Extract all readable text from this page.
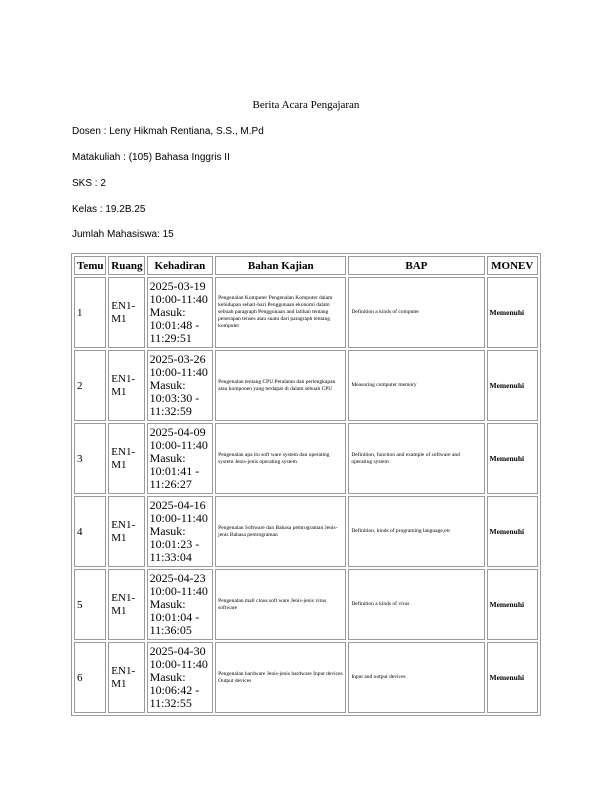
Berita Acara Pengajaran
Dosen : Leny Hikmah Rentiana, S.S., M.Pd
Matakuliah : (105) Bahasa Inggris II
SKS : 2
Kelas : 19.2B.25
Jumlah Mahasiswa: 15
Temu	Ruang	Kehadiran	Bahan Kajian	BAP	MONEV
1	EN1-M1	2025-03-19
10:00-11:40
Masuk:
10:01:48 -
11:29:51	Pengenalan Komputer Pengenalan Komputer dalam kehidupan sehari-hari Penggunaan ekonomi dalam sebuah paragraph Penggunaan and latihan tentang penerapan tenses atau suatu dari paragraph tentang komputer	Definition a kinds of computer	Memenuhi
2	EN1-M1	2025-03-26
10:00-11:40
Masuk:
10:03:30 -
11:32:59	Pengenalan tentang CPU Peralatan dan perlengkapan atau komponen yang terdapat di dalam sebuah CPU	Measuring computer memory	Memenuhi
3	EN1-M1	2025-04-09
10:00-11:40
Masuk:
10:01:41 -
11:26:27	Pengenalan apa itu soft ware system dan operating system Jenis-jenis operating system	Definition, function and example of software and operating system	Memenuhi
4	EN1-M1	2025-04-16
10:00-11:40
Masuk:
10:01:23 -
11:33:04	Pengenalan Software dan Bahasa pemrograman Jenis-jenis Bahasa pemrograman	Definition, kinds of programing language,etc	Memenuhi
5	EN1-M1	2025-04-23
10:00-11:40
Masuk:
10:01:04 -
11:36:05	Pengenalan mall clous soft ware Jenis-jenis virus software	Definition a kinds of virus	Memenuhi
6	EN1-M1	2025-04-30
10:00-11:40
Masuk:
10:06:42 -
11:32:55	Pengenalan hardware Jenis-jenis hardware Input devices Output devices	Input and output devices	Memenuhi
